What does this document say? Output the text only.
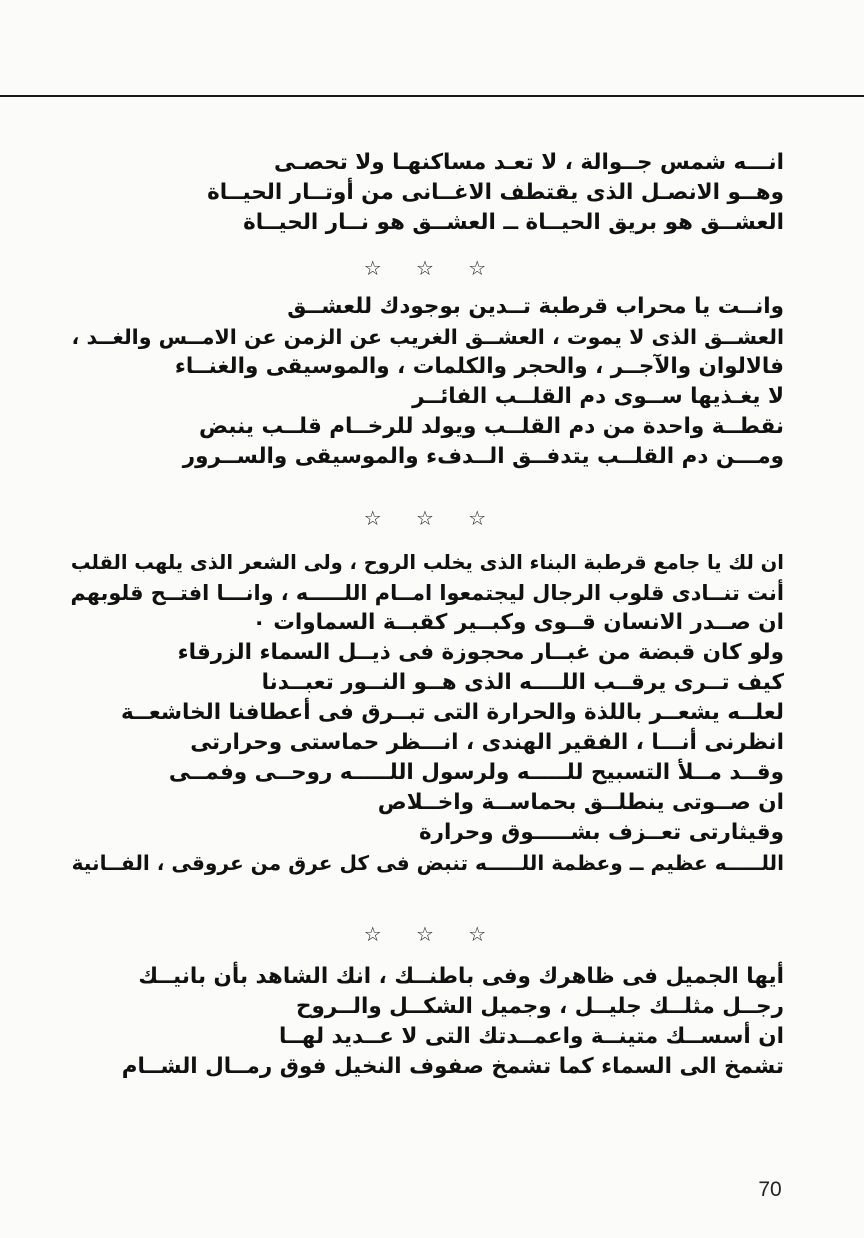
انـــه شمس جــوالة ، لا تعـد مساكنهـا ولا تحصـى
وهــو الانصـل الذى يقتطف الاغــانى من أوتــار الحيــاة
العشــق هو بريق الحيــاة ــ العشــق هو نــار الحيــاة
☆ ☆ ☆
وانــت يا محراب قرطبة تــدين بوجودك للعشــق
العشــق الذى لا يموت ، العشــق الغريب عن الزمن عن الامــس والغــد ،
فالالوان والآجــر ، والحجر والكلمات ، والموسيقى والغنــاء
لا يغـذيها ســوى دم القلــب الفائــر
نقطــة واحدة من دم القلــب ويولد للرخــام قلــب ينبض
ومـــن دم القلــب يتدفــق الــدفء والموسيقى والســرور
☆ ☆ ☆
ان لك يا جامع قرطبة البناء الذى يخلب الروح ، ولى الشعر الذى يلهب القلب
أنت تنــادى قلوب الرجال ليجتمعوا امــام اللـــــه ، وانـــا افتــح قلوبهم
ان صــدر الانسان قــوى وكبــير كقبــة السماوات ٠
ولو كان قبضة من غبــار محجوزة فى ذيــل السماء الزرقاء
كيف تــرى يرقــب اللــــه الذى هــو النــور تعبــدنا
لعلــه يشعــر باللذة والحرارة التى تبــرق فى أعطافنا الخاشعــة
انظرنى أنـــا ، الفقير الهندى ، انـــظر حماستى وحرارتى
وقــد مــلأ التسبيح للـــــه ولرسول اللـــــه روحــى وفمــى
ان صــوتى ينطلــق بحماســة واخــلاص
وقيثارتى تعــزف بشـــــوق وحرارة
اللـــــه عظيم ــ وعظمة اللـــــه تنبض فى كل عرق من عروقى ، الفــانية
☆ ☆ ☆
أيها الجميل فى ظاهرك وفى باطنــك ، انك الشاهد بأن بانيــك
رجــل مثلــك جليــل ، وجميل الشكــل والــروح
ان أسســك متينــة واعمــدتك التى لا عــديد لهــا
تشمخ الى السماء كما تشمخ صفوف النخيل فوق رمــال الشــام
70
